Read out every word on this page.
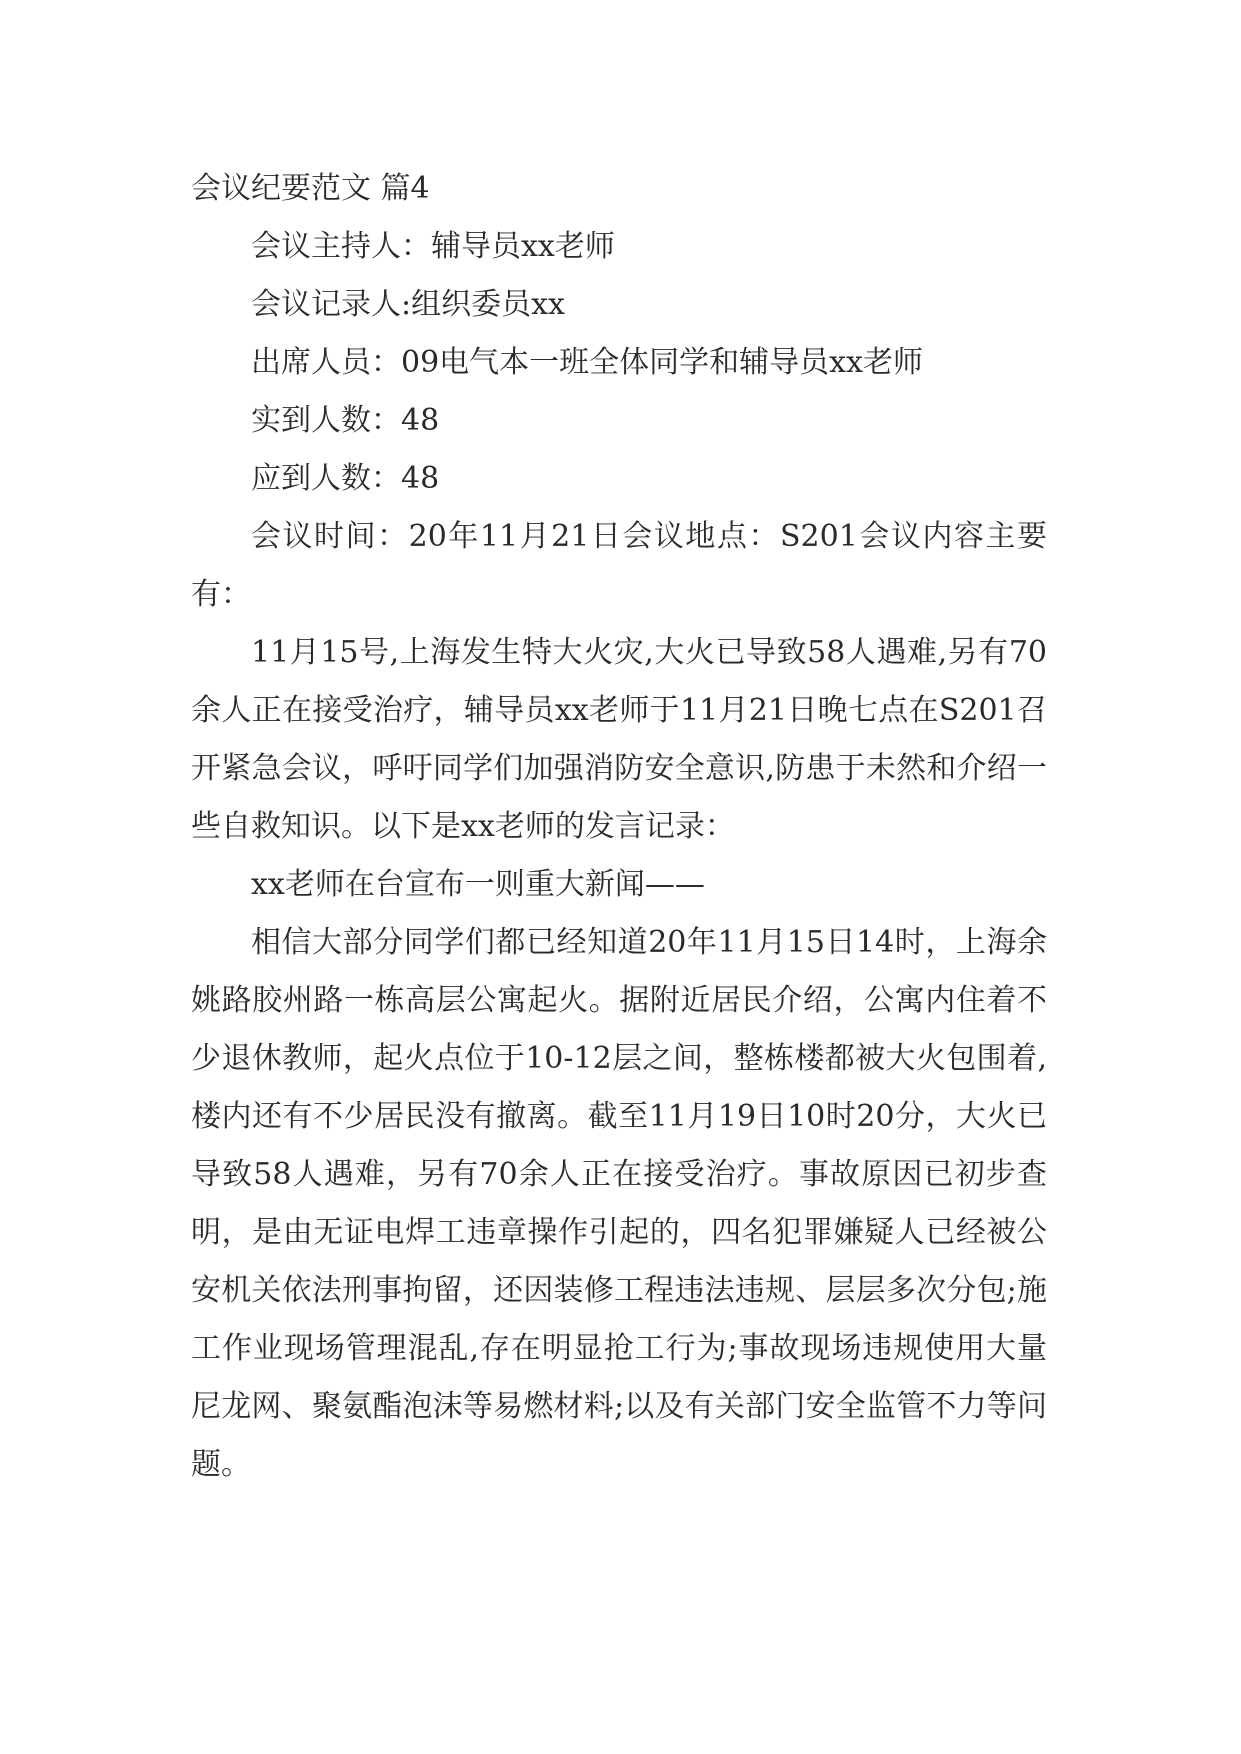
会议纪要范文 篇4

会议主持人：辅导员xx老师

会议记录人:组织委员xx

出席人员：09电气本一班全体同学和辅导员xx老师

实到人数：48

应到人数：48

会议时间：20年11月21日会议地点：S201会议内容主要有：

11月15号,上海发生特大火灾,大火已导致58人遇难,另有70余人正在接受治疗，辅导员xx老师于11月21日晚七点在S201召开紧急会议，呼吁同学们加强消防安全意识,防患于未然和介绍一些自救知识。以下是xx老师的发言记录：

xx老师在台宣布一则重大新闻——

相信大部分同学们都已经知道20年11月15日14时，上海余姚路胶州路一栋高层公寓起火。据附近居民介绍，公寓内住着不少退休教师，起火点位于10-12层之间，整栋楼都被大火包围着,楼内还有不少居民没有撤离。截至11月19日10时20分，大火已导致58人遇难，另有70余人正在接受治疗。事故原因已初步查明，是由无证电焊工违章操作引起的，四名犯罪嫌疑人已经被公安机关依法刑事拘留，还因装修工程违法违规、层层多次分包;施工作业现场管理混乱,存在明显抢工行为;事故现场违规使用大量尼龙网、聚氨酯泡沫等易燃材料;以及有关部门安全监管不力等问题。
